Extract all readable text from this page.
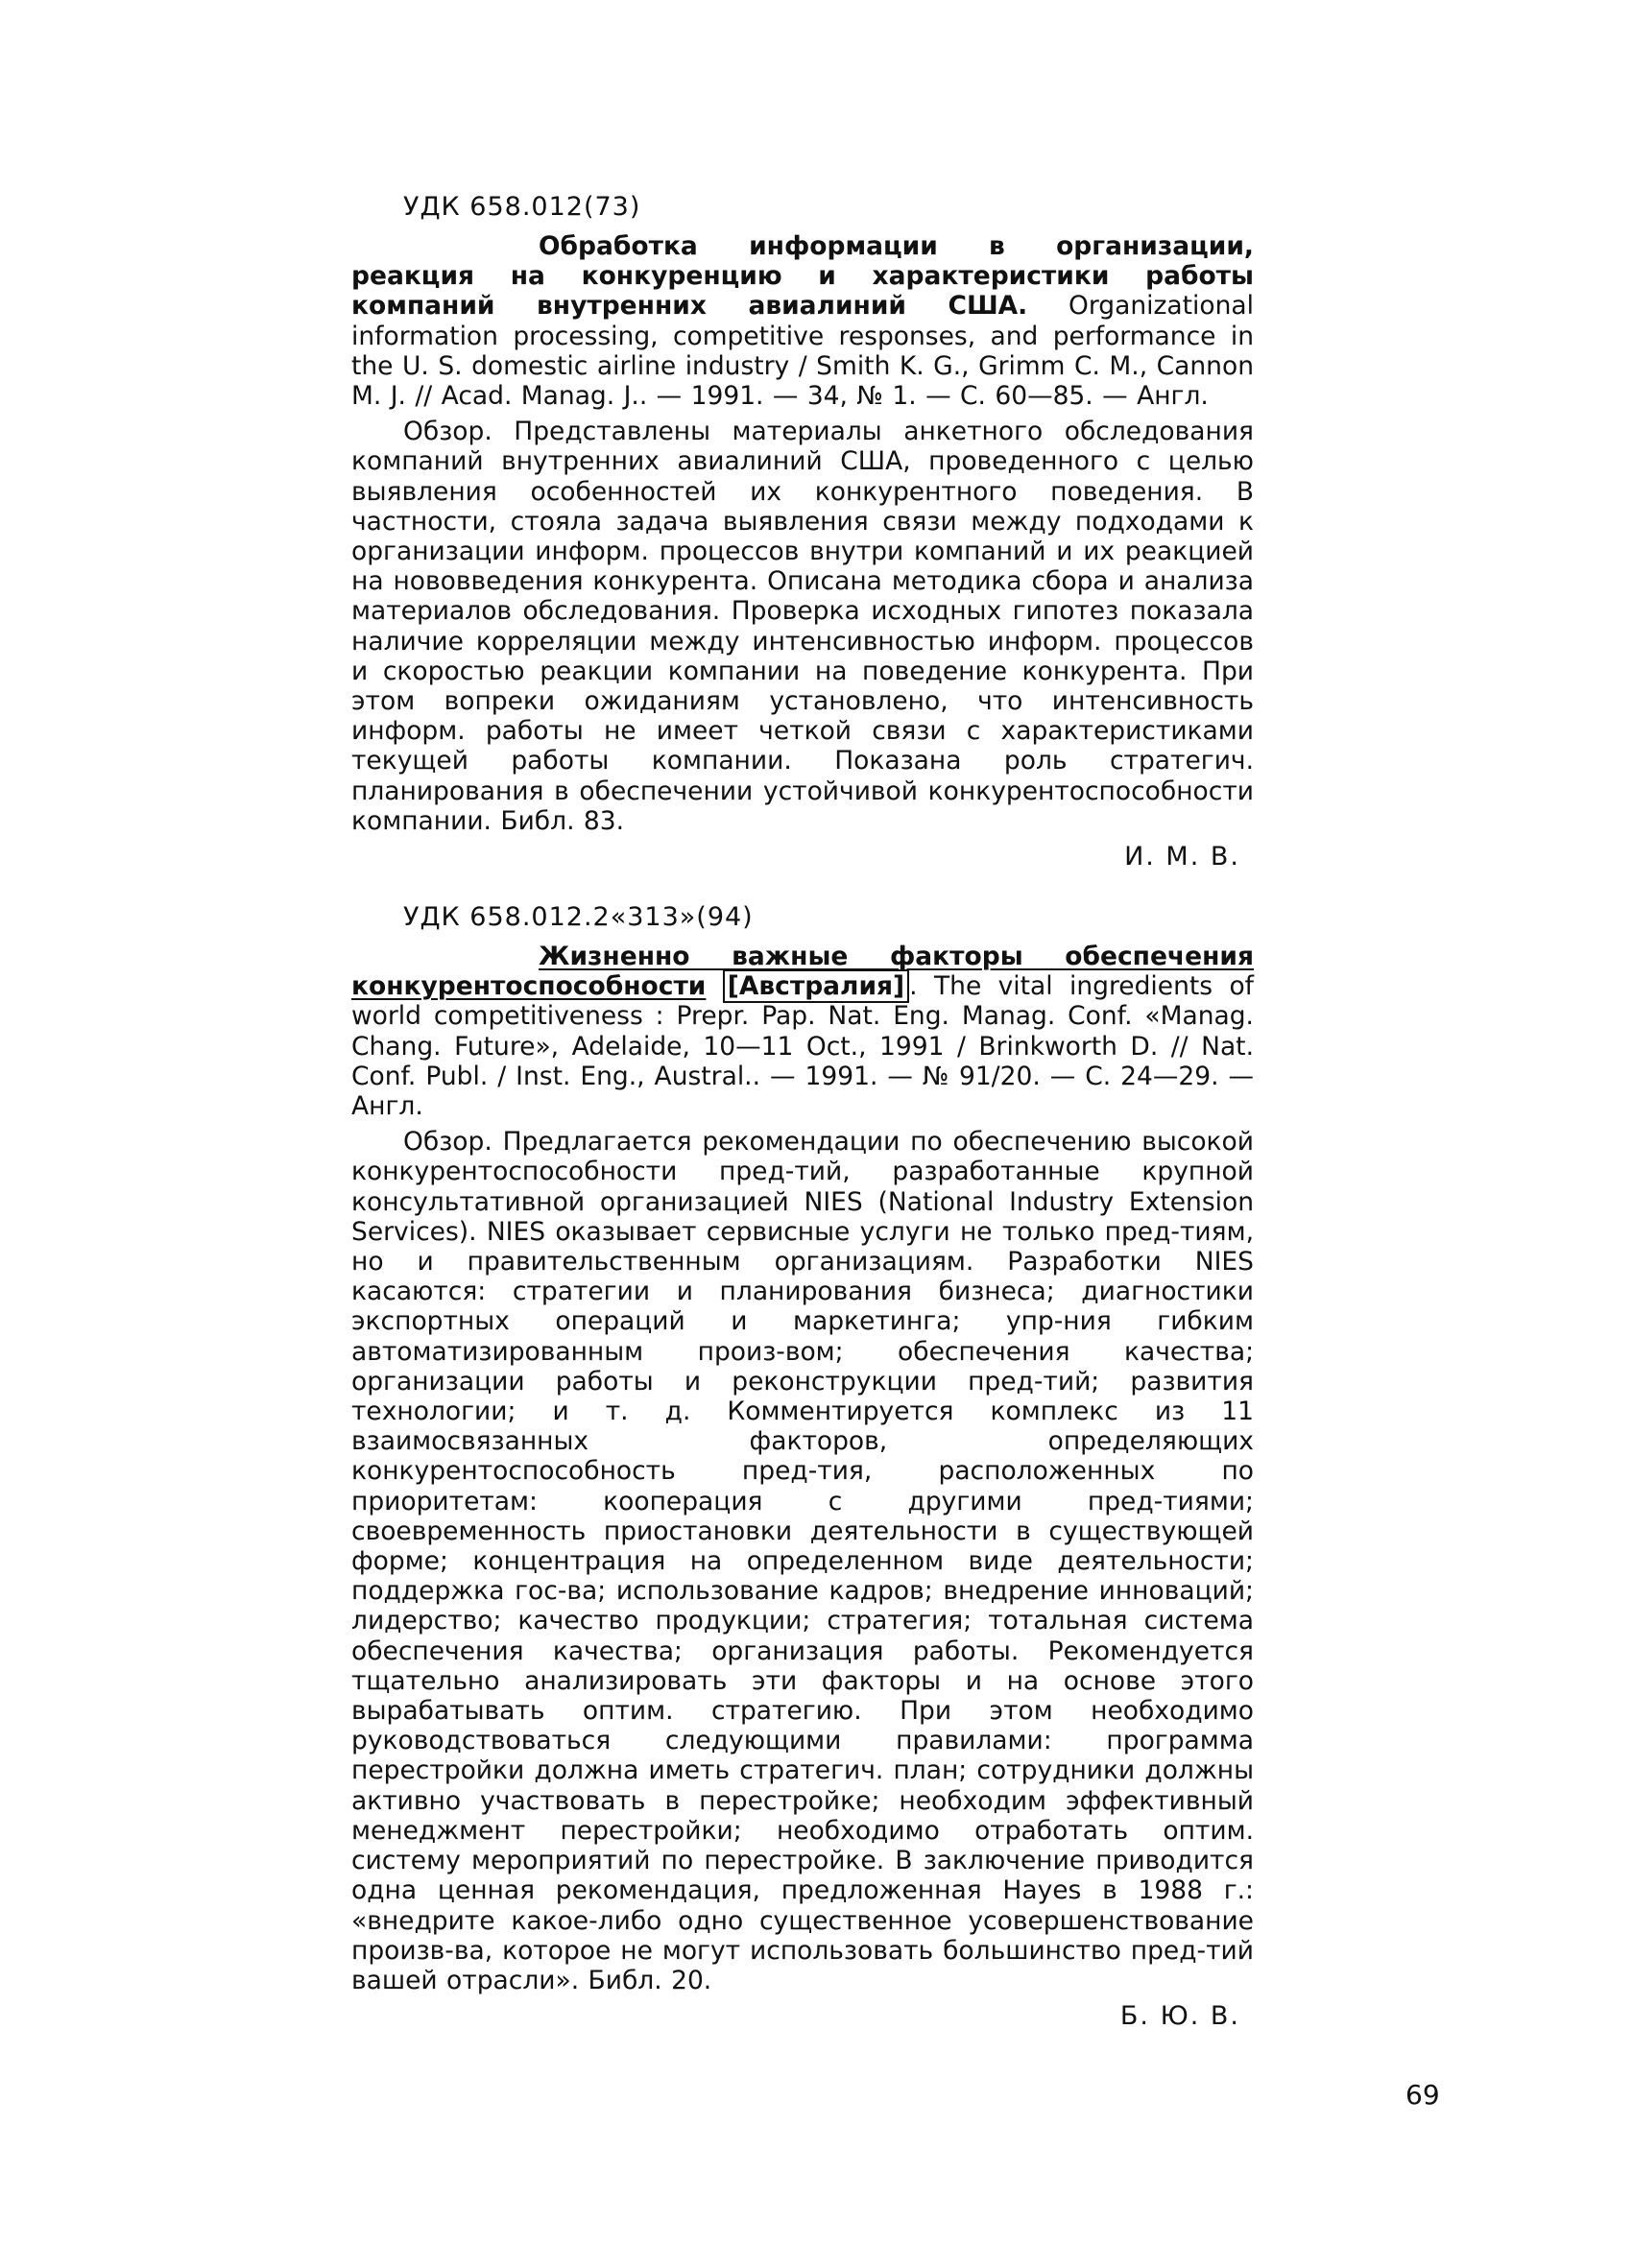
УДК 658.012(73)

Обработка информации в организации, реакция на конкуренцию и характеристики работы компаний внутренних авиалиний США. Organizational information processing, competitive responses, and performance in the U. S. domestic airline industry / Smith K. G., Grimm C. M., Cannon M. J. // Acad. Manag. J.. — 1991. — 34, № 1. — С. 60—85. — Англ.

Обзор. Представлены материалы анкетного обследования компаний внутренних авиалиний США, проведенного с целью выявления особенностей их конкурентного поведения. В частности, стояла задача выявления связи между подходами к организации информ. процессов внутри компаний и их реакцией на нововведения конкурента. Описана методика сбора и анализа материалов обследования. Проверка исходных гипотез показала наличие корреляции между интенсивностью информ. процессов и скоростью реакции компании на поведение конкурента. При этом вопреки ожиданиям установлено, что интенсивность информ. работы не имеет четкой связи с характеристиками текущей работы компании. Показана роль стратегич. планирования в обеспечении устойчивой конкурентоспособности компании. Библ. 83.

И. М. В.
УДК 658.012.2«313»(94)

Жизненно важные факторы обеспечения конкурентоспособности [Австралия] . The vital ingredients of world competitiveness : Prepr. Pap. Nat. Eng. Manag. Conf. «Manag. Chang. Future», Adelaide, 10—11 Oct., 1991 / Brinkworth D. // Nat. Conf. Publ. / Inst. Eng., Austral.. — 1991. — № 91/20. — С. 24—29. — Англ.

Обзор. Предлагается рекомендации по обеспечению высокой конкурентоспособности пред-тий, разработанные крупной консультативной организацией NIES (National Industry Extension Services). NIES оказывает сервисные услуги не только пред-тиям, но и правительственным организациям. Разработки NIES касаются: стратегии и планирования бизнеса; диагностики экспортных операций и маркетинга; упр-ния гибким автоматизированным произ-вом; обеспечения качества; организации работы и реконструкции пред-тий; развития технологии; и т. д. Комментируется комплекс из 11 взаимосвязанных факторов, определяющих конкурентоспособность пред-тия, расположенных по приоритетам: кооперация с другими пред-тиями; своевременность приостановки деятельности в существующей форме; концентрация на определенном виде деятельности; поддержка гос-ва; использование кадров; внедрение инноваций; лидерство; качество продукции; стратегия; тотальная система обеспечения качества; организация работы. Рекомендуется тщательно анализировать эти факторы и на основе этого вырабатывать оптим. стратегию. При этом необходимо руководствоваться следующими правилами: программа перестройки должна иметь стратегич. план; сотрудники должны активно участвовать в перестройке; необходим эффективный менеджмент перестройки; необходимо отработать оптим. систему мероприятий по перестройке. В заключение приводится одна ценная рекомендация, предложенная Hayes в 1988 г.: «внедрите какое-либо одно существенное усовершенствование произв-ва, которое не могут использовать большинство пред-тий вашей отрасли». Библ. 20.

Б. Ю. В.
69
